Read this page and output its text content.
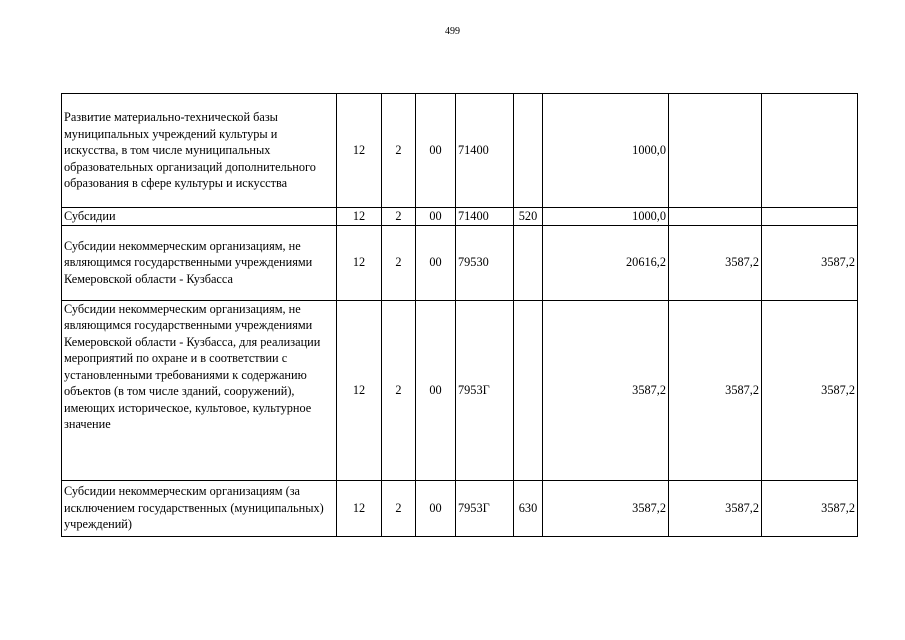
499
Развитие материально-технической базы муниципальных учреждений культуры и искусства, в том числе муниципальных образовательных организаций дополнительного образования в сфере культуры и искусства	12	2	00	71400		1000,0		
Субсидии	12	2	00	71400	520	1000,0		
Субсидии некоммерческим организациям, не являющимся государственными учреждениями Кемеровской области - Кузбасса	12	2	00	79530		20616,2	3587,2	3587,2
Субсидии некоммерческим организациям, не являющимся государственными учреждениями Кемеровской области - Кузбасса, для реализации мероприятий по охране и в соответствии с установленными требованиями к содержанию объектов (в том числе зданий, сооружений), имеющих историческое, культовое, культурное значение	12	2	00	7953Г		3587,2	3587,2	3587,2
Субсидии некоммерческим организациям (за исключением государственных (муниципальных) учреждений)	12	2	00	7953Г	630	3587,2	3587,2	3587,2
